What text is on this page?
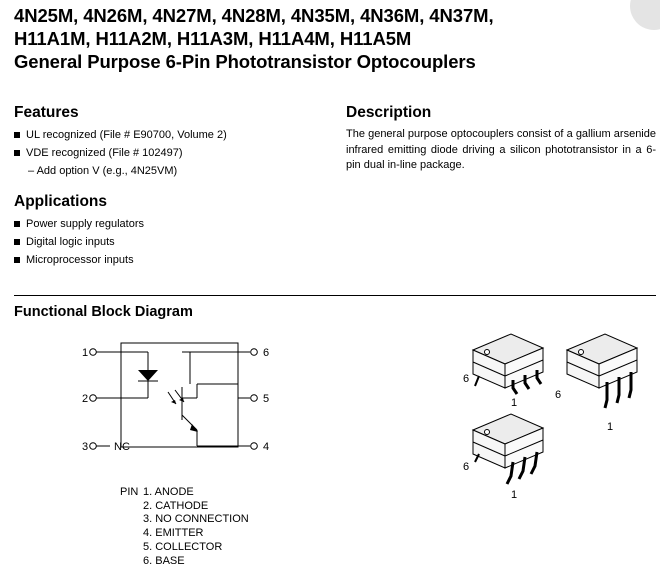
4N25M, 4N26M, 4N27M, 4N28M, 4N35M, 4N36M, 4N37M,
H11A1M, H11A2M, H11A3M, H11A4M, H11A5M
General Purpose 6-Pin Phototransistor Optocouplers
Features
UL recognized (File # E90700, Volume 2)
VDE recognized (File # 102497)
– Add option V (e.g., 4N25VM)
Applications
Power supply regulators
Digital logic inputs
Microprocessor inputs
Description
The general purpose optocouplers consist of a gallium arsenide infrared emitting diode driving a silicon phototransistor in a 6-pin dual in-line package.
Functional Block Diagram
1
2
3	4
5
6
NC
6
1
6
1
6
1
PIN 1. ANODE
2. CATHODE
3. NO CONNECTION
4. EMITTER
5. COLLECTOR
6. BASE
